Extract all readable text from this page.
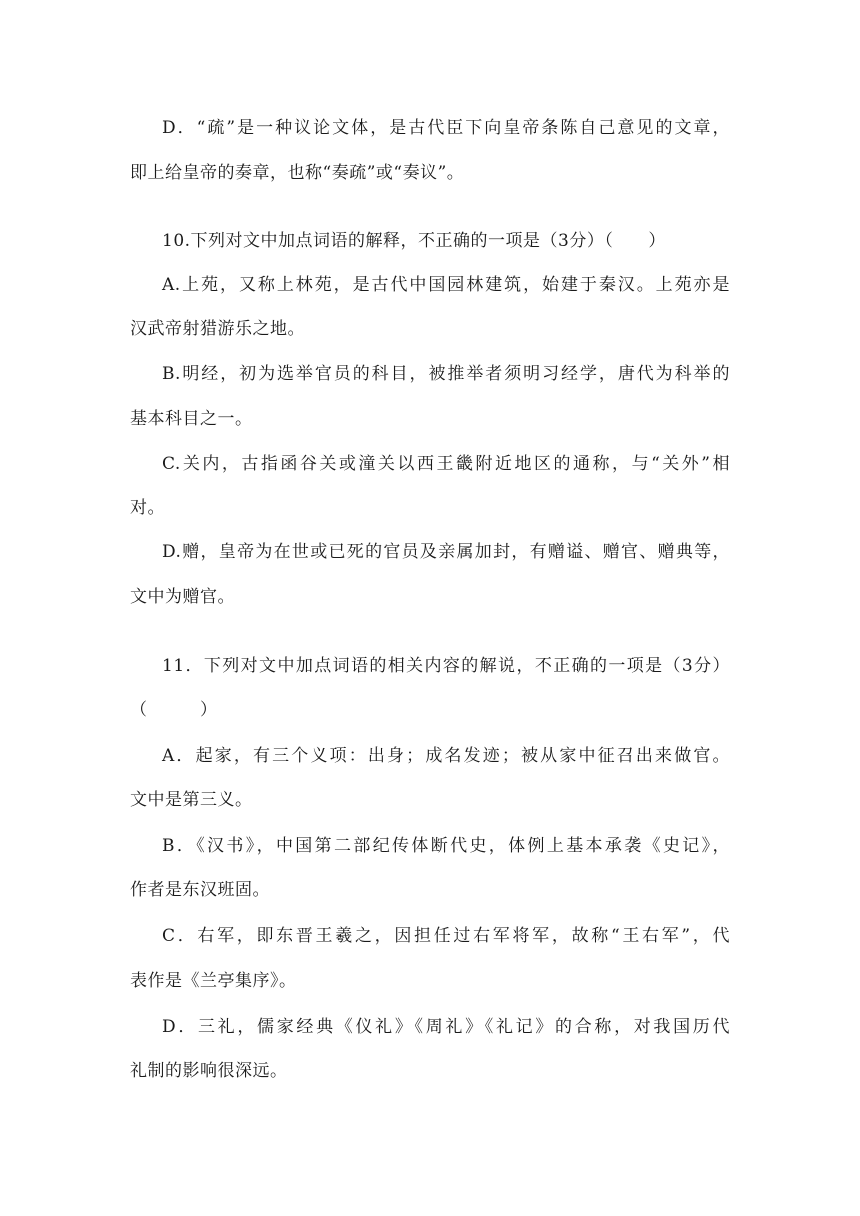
D．“疏”是一种议论文体，是古代臣下向皇帝条陈自己意见的文章，
即上给皇帝的奏章，也称“奏疏”或“奏议”。
10.下列对文中加点词语的解释，不正确的一项是（3分）（　　）
A.上苑，又称上林苑，是古代中国园林建筑，始建于秦汉。上苑亦是
汉武帝射猎游乐之地。
B.明经，初为选举官员的科目，被推举者须明习经学，唐代为科举的
基本科目之一。
C.关内，古指函谷关或潼关以西王畿附近地区的通称，与“关外”相
对。
D.赠，皇帝为在世或已死的官员及亲属加封，有赠谥、赠官、赠典等，
文中为赠官。
11．下列对文中加点词语的相关内容的解说，不正确的一项是（3分）
（　　　）
A．起家，有三个义项：出身；成名发迹；被从家中征召出来做官。
文中是第三义。
B．《汉书》，中国第二部纪传体断代史，体例上基本承袭《史记》，
作者是东汉班固。
C．右军，即东晋王羲之，因担任过右军将军，故称“王右军”，代
表作是《兰亭集序》。
D．三礼，儒家经典《仪礼》《周礼》《礼记》的合称，对我国历代
礼制的影响很深远。
